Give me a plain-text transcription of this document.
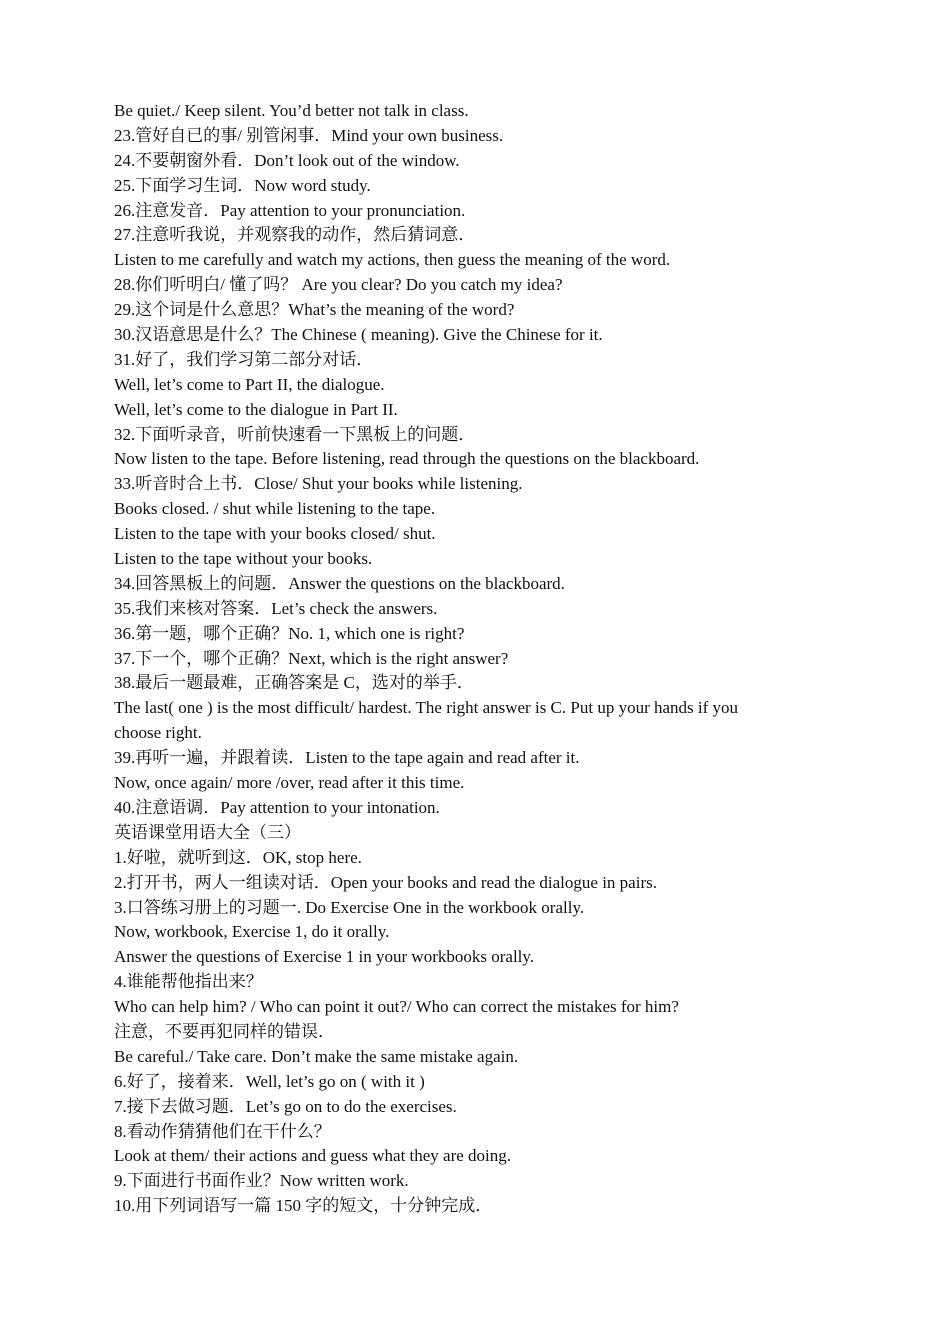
Be quiet./ Keep silent. You’d better not talk in class.
23.管好自已的事/ 别管闲事．Mind your own business.
24.不要朝窗外看．Don’t look out of the window.
25.下面学习生词．Now word study.
26.注意发音．Pay attention to your pronunciation.
27.注意听我说，并观察我的动作，然后猜词意．
Listen to me carefully and watch my actions, then guess the meaning of the word.
28.你们听明白/ 懂了吗？ Are you clear? Do you catch my idea?
29.这个词是什么意思？What’s the meaning of the word?
30.汉语意思是什么？The Chinese ( meaning). Give the Chinese for it.
31.好了，我们学习第二部分对话．
Well, let’s come to Part II, the dialogue.
Well, let’s come to the dialogue in Part II.
32.下面听录音，听前快速看一下黑板上的问题．
Now listen to the tape. Before listening, read through the questions on the blackboard.
33.听音时合上书．Close/ Shut your books while listening.
Books closed. / shut while listening to the tape.
Listen to the tape with your books closed/ shut.
Listen to the tape without your books.
34.回答黑板上的问题．Answer the questions on the blackboard.
35.我们来核对答案．Let’s check the answers.
36.第一题，哪个正确？No. 1, which one is right?
37.下一个，哪个正确？Next, which is the right answer?
38.最后一题最难，正确答案是 C，选对的举手．
The last( one ) is the most difficult/ hardest. The right answer is C. Put up your hands if you
choose right.
39.再听一遍，并跟着读．Listen to the tape again and read after it.
Now, once again/ more /over, read after it this time.
40.注意语调．Pay attention to your intonation.
英语课堂用语大全（三）
1.好啦，就听到这．OK, stop here.
2.打开书，两人一组读对话．Open your books and read the dialogue in pairs.
3.口答练习册上的习题一. Do Exercise One in the workbook orally.
Now, workbook, Exercise 1, do it orally.
Answer the questions of Exercise 1 in your workbooks orally.
4.谁能帮他指出来？
Who can help him? / Who can point it out?/ Who can correct the mistakes for him?
注意，不要再犯同样的错误．
Be careful./ Take care. Don’t make the same mistake again.
6.好了，接着来．Well, let’s go on ( with it )
7.接下去做习题．Let’s go on to do the exercises.
8.看动作猜猜他们在干什么？
Look at them/ their actions and guess what they are doing.
9.下面进行书面作业？Now written work.
10.用下列词语写一篇 150 字的短文，十分钟完成．
